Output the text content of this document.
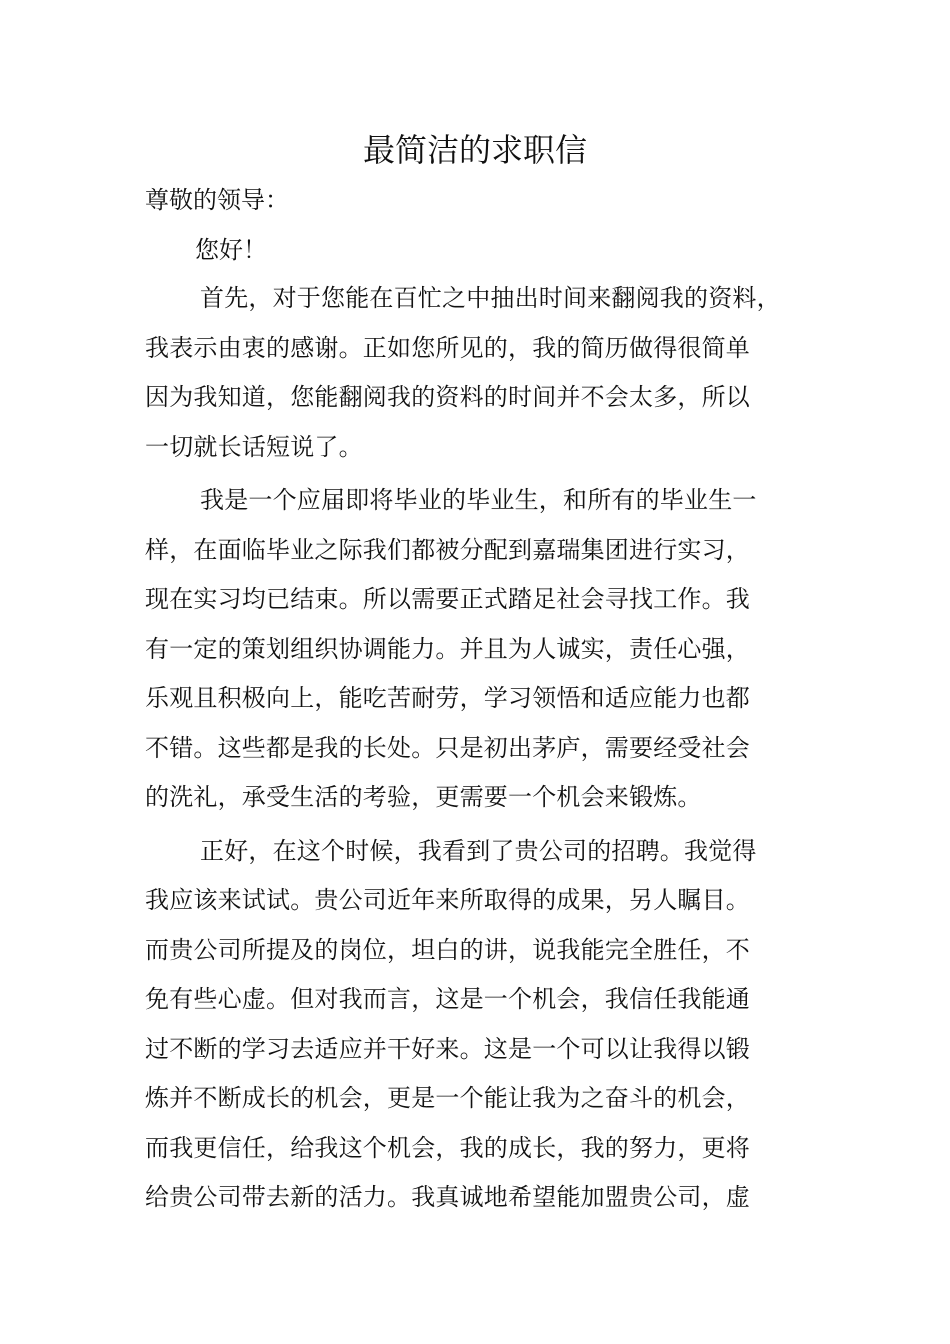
最简洁的求职信

尊敬的领导：

您好！

首先，对于您能在百忙之中抽出时间来翻阅我的资料，
我表示由衷的感谢。正如您所见的，我的简历做得很简单
因为我知道，您能翻阅我的资料的时间并不会太多，所以
一切就长话短说了。

我是一个应届即将毕业的毕业生，和所有的毕业生一
样，在面临毕业之际我们都被分配到嘉瑞集团进行实习，
现在实习均已结束。所以需要正式踏足社会寻找工作。我
有一定的策划组织协调能力。并且为人诚实，责任心强，
乐观且积极向上，能吃苦耐劳，学习领悟和适应能力也都
不错。这些都是我的长处。只是初出茅庐，需要经受社会
的洗礼，承受生活的考验，更需要一个机会来锻炼。

正好，在这个时候，我看到了贵公司的招聘。我觉得
我应该来试试。贵公司近年来所取得的成果，另人瞩目。
而贵公司所提及的岗位，坦白的讲，说我能完全胜任，不
免有些心虚。但对我而言，这是一个机会，我信任我能通
过不断的学习去适应并干好来。这是一个可以让我得以锻
炼并不断成长的机会，更是一个能让我为之奋斗的机会，
而我更信任，给我这个机会，我的成长，我的努力，更将
给贵公司带去新的活力。我真诚地希望能加盟贵公司，虚
